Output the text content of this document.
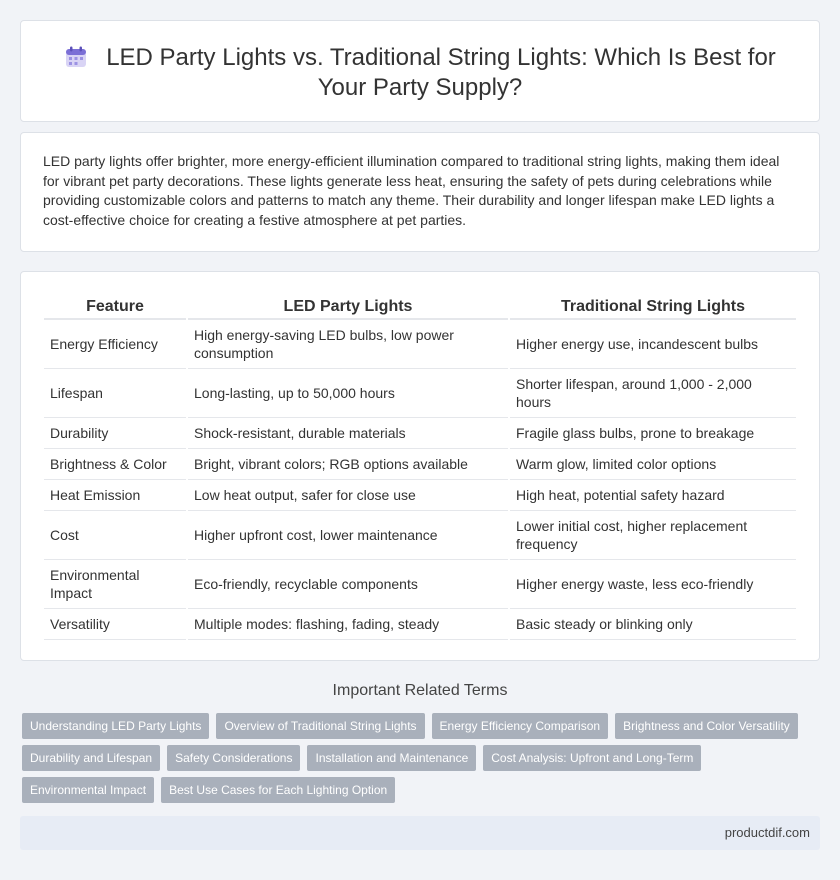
LED Party Lights vs. Traditional String Lights: Which Is Best for
Your Party Supply?

LED party lights offer brighter, more energy-efficient illumination compared to traditional string lights, making them ideal for vibrant pet party decorations. These lights generate less heat, ensuring the safety of pets during celebrations while providing customizable colors and patterns to match any theme. Their durability and longer lifespan make LED lights a cost-effective choice for creating a festive atmosphere at pet parties.

Feature	LED Party Lights	Traditional String Lights
Energy Efficiency	High energy-saving LED bulbs, low power consumption	Higher energy use, incandescent bulbs
Lifespan	Long-lasting, up to 50,000 hours	Shorter lifespan, around 1,000 - 2,000 hours
Durability	Shock-resistant, durable materials	Fragile glass bulbs, prone to breakage
Brightness & Color	Bright, vibrant colors; RGB options available	Warm glow, limited color options
Heat Emission	Low heat output, safer for close use	High heat, potential safety hazard
Cost	Higher upfront cost, lower maintenance	Lower initial cost, higher replacement frequency
Environmental Impact	Eco-friendly, recyclable components	Higher energy waste, less eco-friendly
Versatility	Multiple modes: flashing, fading, steady	Basic steady or blinking only
Important Related Terms
Understanding LED Party Lights	Overview of Traditional String Lights	Energy Efficiency Comparison	Brightness and Color Versatility
Durability and Lifespan	Safety Considerations	Installation and Maintenance	Cost Analysis: Upfront and Long-Term
Environmental Impact	Best Use Cases for Each Lighting Option
productdif.com
